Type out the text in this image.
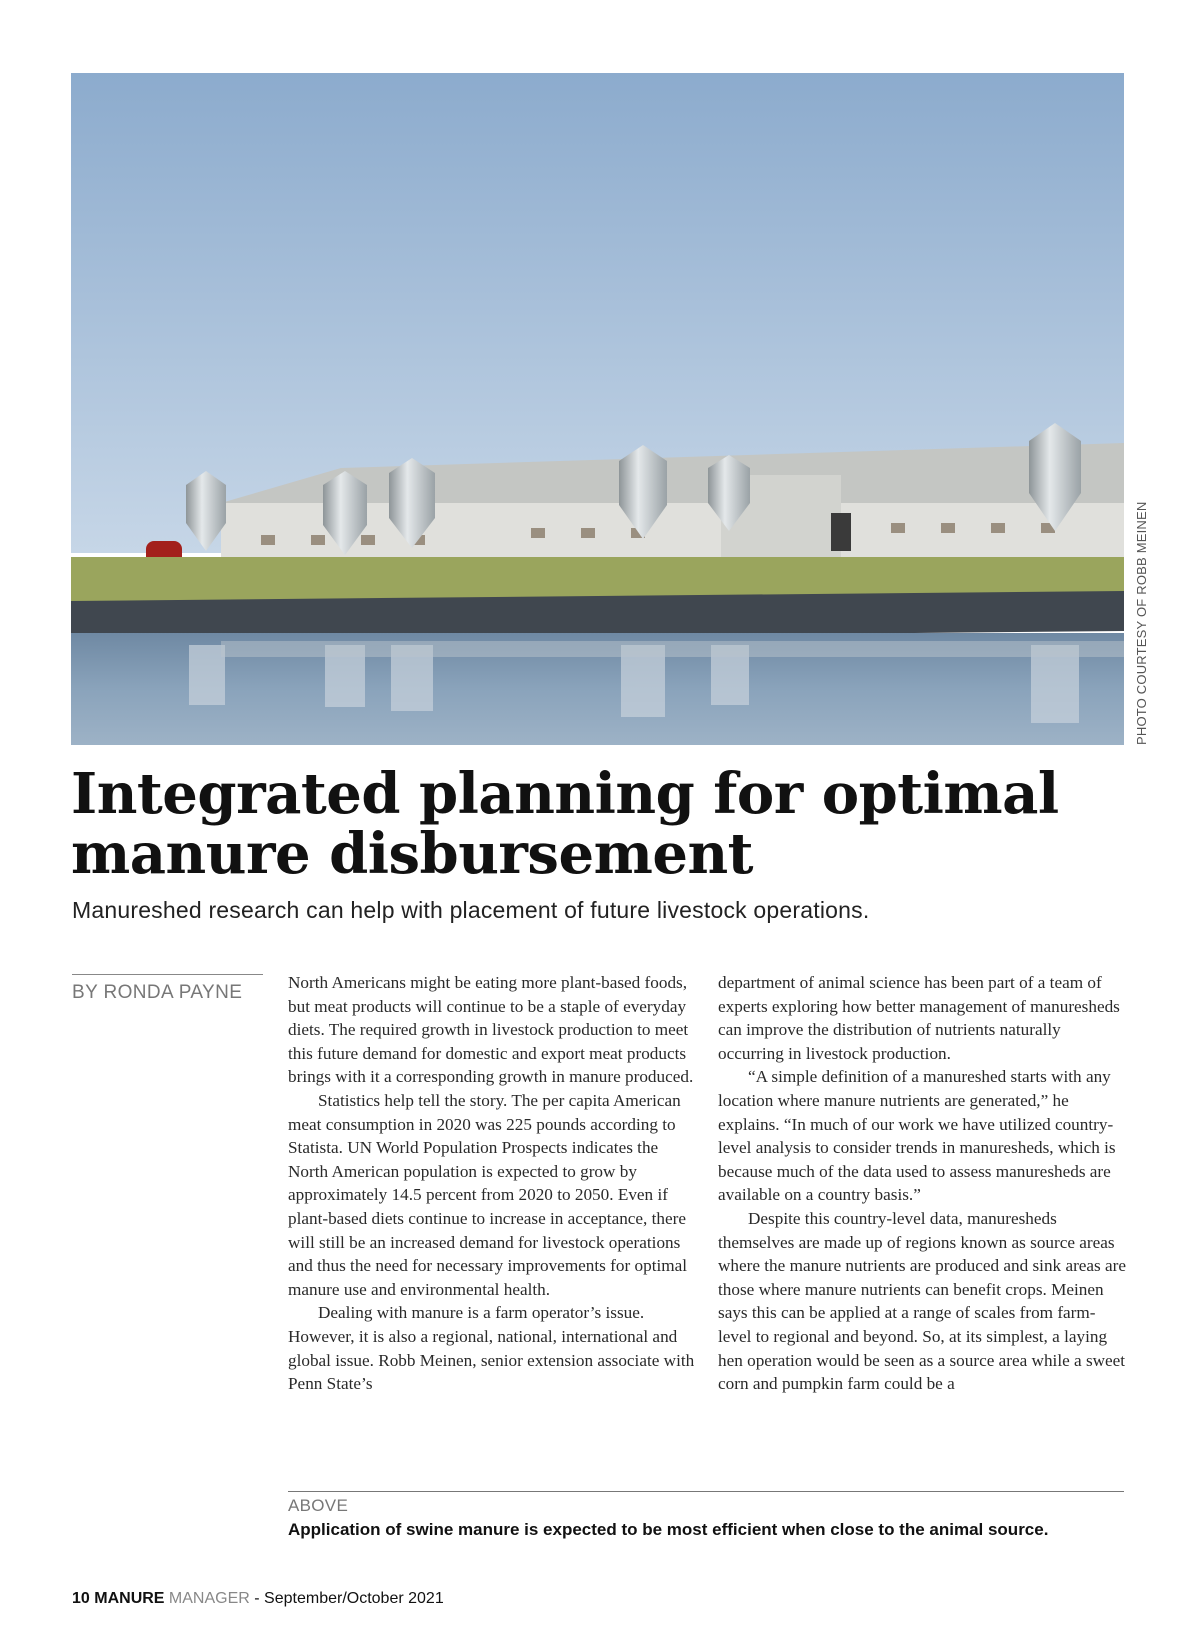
PHOTO COURTESY OF ROBB MEINEN
Integrated planning for optimal
manure disbursement

Manureshed research can help with placement of future livestock operations.

BY RONDA PAYNE	North Americans might be eating more plant-based foods, but meat products will continue to be a staple of everyday diets. The required growth in livestock production to meet this future demand for domestic and export meat products brings with it a corresponding growth in manure produced.

Statistics help tell the story. The per capita American meat consumption in 2020 was 225 pounds according to Statista. UN World Population Prospects indicates the North American population is expected to grow by approximately 14.5 percent from 2020 to 2050. Even if plant-based diets continue to increase in acceptance, there will still be an increased demand for livestock operations and thus the need for necessary improvements for optimal manure use and environmental health.

Dealing with manure is a farm operator’s issue. However, it is also a regional, national, international and global issue. Robb Meinen, senior extension associate with Penn State’s

department of animal science has been part of a team of experts exploring how better management of manuresheds can improve the distribution of nutrients naturally occurring in livestock production.

“A simple definition of a manureshed starts with any location where manure nutrients are generated,” he explains. “In much of our work we have utilized country-level analysis to consider trends in manuresheds, which is because much of the data used to assess manuresheds are available on a country basis.”

Despite this country-level data, manuresheds themselves are made up of regions known as source areas where the manure nutrients are produced and sink areas are those where manure nutrients can benefit crops. Meinen says this can be applied at a range of scales from farm-level to regional and beyond. So, at its simplest, a laying hen operation would be seen as a source area while a sweet corn and pumpkin farm could be a

ABOVE
Application of swine manure is expected to be most efficient when close to the animal source.
10 MANURE MANAGER - September/October 2021
